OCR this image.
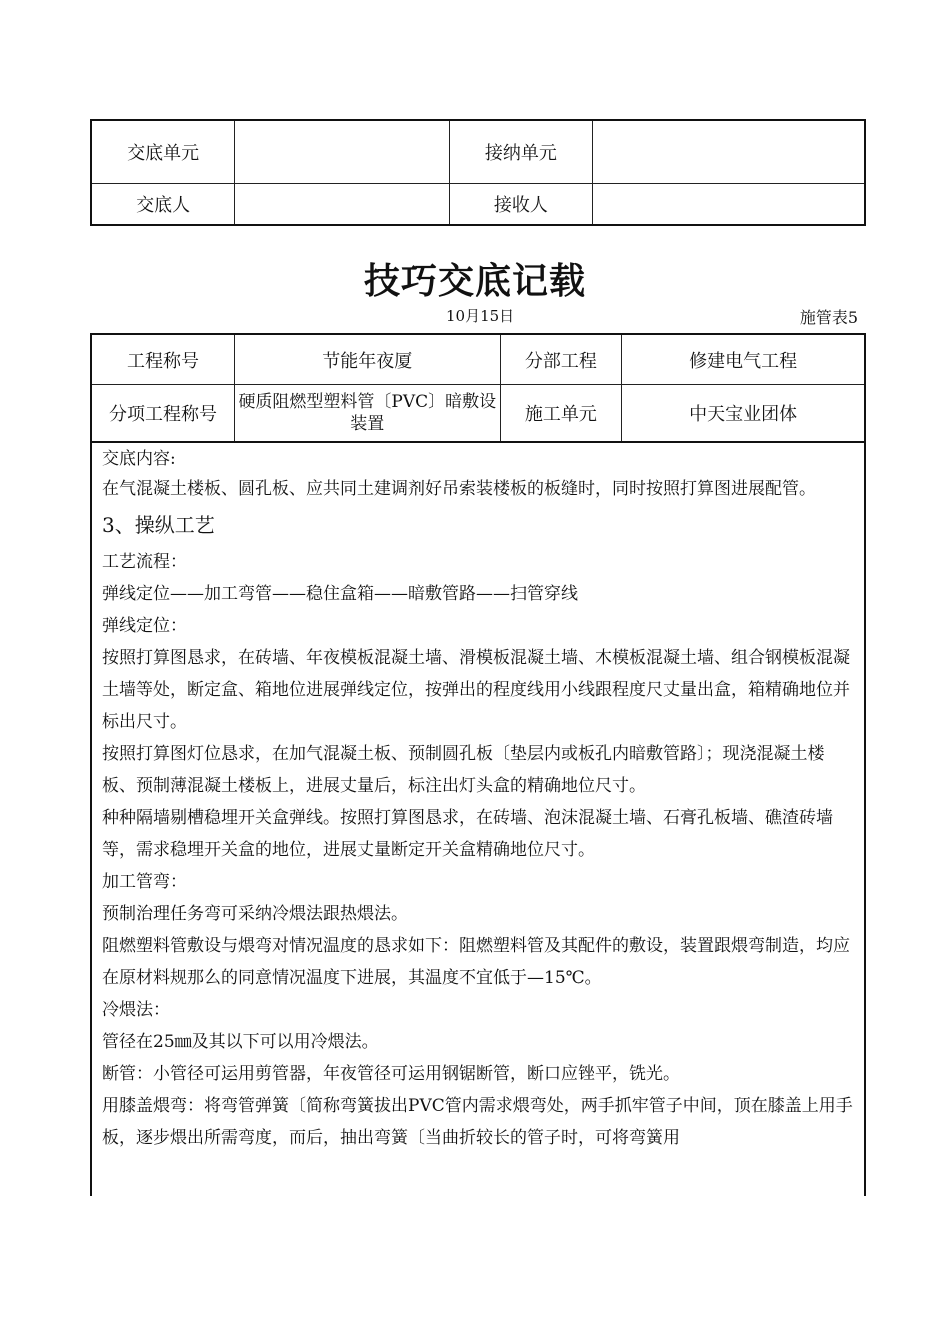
交底单元		接纳单元	
交底人		接收人	
技巧交底记载
10月15日	施管表5
工程称号	节能年夜厦	分部工程	修建电气工程
分项工程称号	硬质阻燃型塑料管〔PVC〕暗敷设装置	施工单元	中天宝业团体

交底内容:

在气混凝土楼板、圆孔板、应共同土建调剂好吊索装楼板的板缝时，同时按照打算图进展配管。

3、操纵工艺

工艺流程：

弹线定位——加工弯管——稳住盒箱——暗敷管路——扫管穿线

弹线定位：

按照打算图恳求，在砖墙、年夜模板混凝土墙、滑模板混凝土墙、木模板混凝土墙、组合钢模板混凝土墙等处，断定盒、箱地位进展弹线定位，按弹出的程度线用小线跟程度尺丈量出盒，箱精确地位并标出尺寸。

按照打算图灯位恳求，在加气混凝土板、预制圆孔板〔垫层内或板孔内暗敷管路〕；现浇混凝土楼板、预制薄混凝土楼板上，进展丈量后，标注出灯头盒的精确地位尺寸。

种种隔墙剔槽稳埋开关盒弹线。按照打算图恳求，在砖墙、泡沫混凝土墙、石膏孔板墙、礁渣砖墙等，需求稳埋开关盒的地位，进展丈量断定开关盒精确地位尺寸。

加工管弯：

预制治理任务弯可采纳冷煨法跟热煨法。

阻燃塑料管敷设与煨弯对情况温度的恳求如下：阻燃塑料管及其配件的敷设，装置跟煨弯制造，均应在原材料规那么的同意情况温度下进展，其温度不宜低于—15℃。

冷煨法：

管径在25㎜及其以下可以用冷煨法。

断管：小管径可运用剪管器，年夜管径可运用钢锯断管，断口应锉平，铣光。

用膝盖煨弯：将弯管弹簧〔简称弯簧拔出PVC管内需求煨弯处，两手抓牢管子中间，顶在膝盖上用手板，逐步煨出所需弯度，而后，抽出弯簧〔当曲折较长的管子时，可将弯簧用
